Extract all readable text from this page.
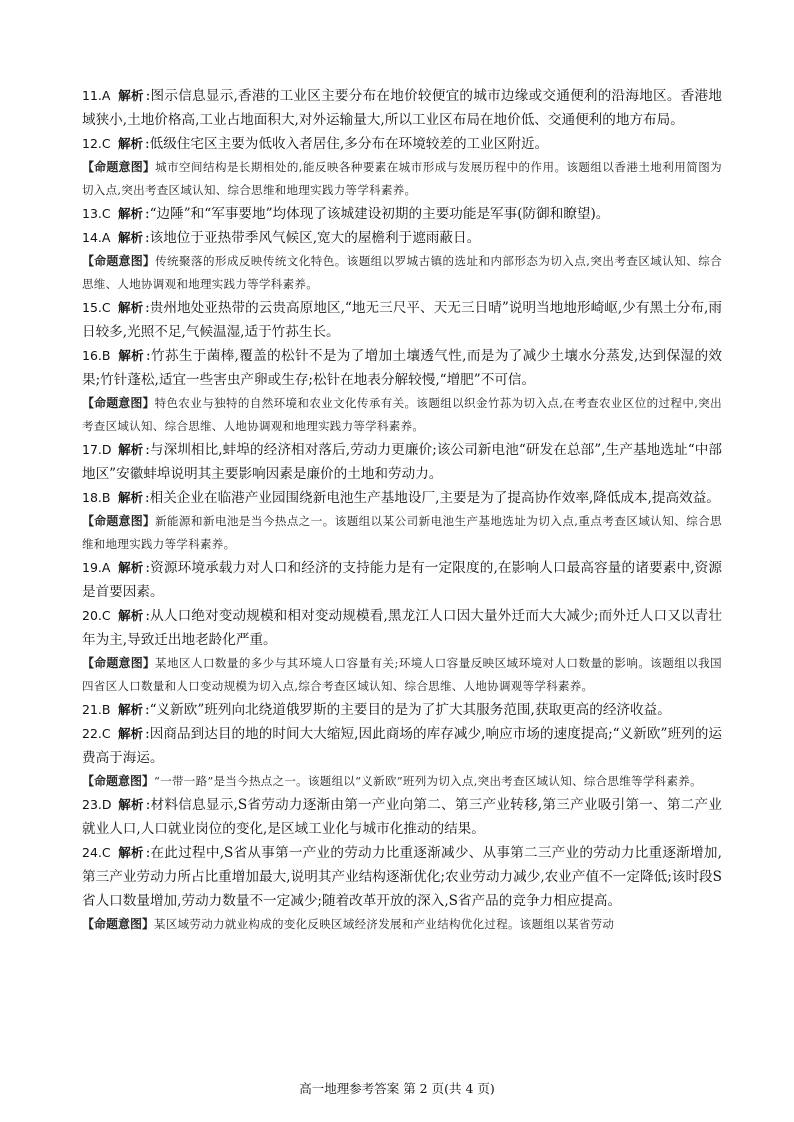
11.A 解析 :图示信息显示,香港的工业区主要分布在地价较便宜的城市边缘或交通便利的沿海地区。香港地域狭小,土地价格高,工业占地面积大,对外运输量大,所以工业区布局在地价低、交通便利的地方布局。

12.C 解析 :低级住宅区主要为低收入者居住,多分布在环境较差的工业区附近。

【命题意图】城市空间结构是长期相处的,能反映各种要素在城市形成与发展历程中的作用。该题组以香港土地利用简图为切入点,突出考查区域认知、综合思维和地理实践力等学科素养。

13.C 解析 :“边陲”和“军事要地”均体现了该城建设初期的主要功能是军事(防御和瞭望)。

14.A 解析 :该地位于亚热带季风气候区,宽大的屋檐利于遮雨蔽日。

【命题意图】传统聚落的形成反映传统文化特色。该题组以罗城古镇的选址和内部形态为切入点,突出考查区域认知、综合思维、人地协调观和地理实践力等学科素养。

15.C 解析 :贵州地处亚热带的云贵高原地区,“地无三尺平、天无三日晴”说明当地地形崎岖,少有黑土分布,雨日较多,光照不足,气候温湿,适于竹荪生长。

16.B 解析 :竹荪生于菌棒,覆盖的松针不是为了增加土壤透气性,而是为了减少土壤水分蒸发,达到保湿的效果;竹针蓬松,适宜一些害虫产卵或生存;松针在地表分解较慢,“增肥”不可信。

【命题意图】特色农业与独特的自然环境和农业文化传承有关。该题组以织金竹荪为切入点,在考查农业区位的过程中,突出考查区域认知、综合思维、人地协调观和地理实践力等学科素养。

17.D 解析 :与深圳相比,蚌埠的经济相对落后,劳动力更廉价;该公司新电池“研发在总部”,生产基地选址“中部地区”安徽蚌埠说明其主要影响因素是廉价的土地和劳动力。

18.B 解析 :相关企业在临港产业园围绕新电池生产基地设厂,主要是为了提高协作效率,降低成本,提高效益。

【命题意图】新能源和新电池是当今热点之一。该题组以某公司新电池生产基地选址为切入点,重点考查区域认知、综合思维和地理实践力等学科素养。

19.A 解析 :资源环境承载力对人口和经济的支持能力是有一定限度的,在影响人口最高容量的诸要素中,资源是首要因素。

20.C 解析 :从人口绝对变动规模和相对变动规模看,黑龙江人口因大量外迁而大大减少;而外迁人口又以青壮年为主,导致迁出地老龄化严重。

【命题意图】某地区人口数量的多少与其环境人口容量有关;环境人口容量反映区域环境对人口数量的影响。该题组以我国四省区人口数量和人口变动规模为切入点,综合考查区域认知、综合思维、人地协调观等学科素养。

21.B 解析 :“义新欧”班列向北绕道俄罗斯的主要目的是为了扩大其服务范围,获取更高的经济收益。

22.C 解析 :因商品到达目的地的时间大大缩短,因此商场的库存减少,响应市场的速度提高;“义新欧”班列的运费高于海运。

【命题意图】“一带一路”是当今热点之一。该题组以“义新欧”班列为切入点,突出考查区域认知、综合思维等学科素养。

23.D 解析 :材料信息显示,S省劳动力逐渐由第一产业向第二、第三产业转移,第三产业吸引第一、第二产业就业人口,人口就业岗位的变化,是区域工业化与城市化推动的结果。

24.C 解析 :在此过程中,S省从事第一产业的劳动力比重逐渐减少、从事第二三产业的劳动力比重逐渐增加,第三产业劳动力所占比重增加最大,说明其产业结构逐渐优化;农业劳动力减少,农业产值不一定降低;该时段S省人口数量增加,劳动力数量不一定减少;随着改革开放的深入,S省产品的竞争力相应提高。

【命题意图】某区域劳动力就业构成的变化反映区域经济发展和产业结构优化过程。该题组以某省劳动

高一地理参考答案 第 2 页(共 4 页)
